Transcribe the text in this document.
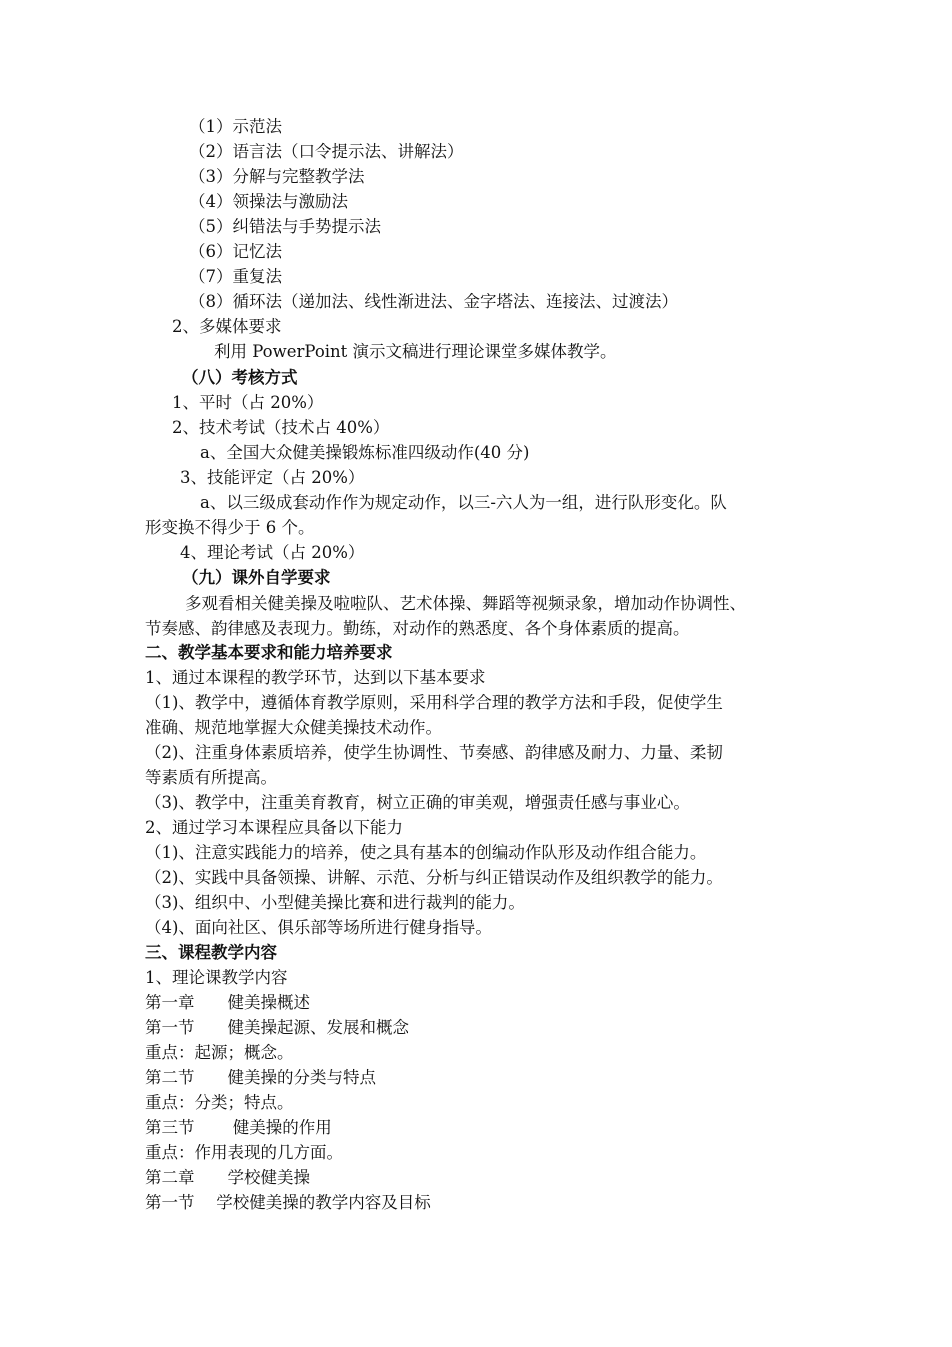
（1）示范法
（2）语言法（口令提示法、讲解法）
（3）分解与完整教学法
（4）领操法与激励法
（5）纠错法与手势提示法
（6）记忆法
（7）重复法
（8）循环法（递加法、线性渐进法、金字塔法、连接法、过渡法）
2、多媒体要求
利用 PowerPoint 演示文稿进行理论课堂多媒体教学。
（八）考核方式
1、平时（占 20%）
2、技术考试（技术占 40%）
a、全国大众健美操锻炼标准四级动作(40 分)
3、技能评定（占 20%）
a、以三级成套动作作为规定动作，以三-六人为一组，进行队形变化。队
形变换不得少于 6 个。
4、理论考试（占 20%）
（九）课外自学要求
多观看相关健美操及啦啦队、艺术体操、舞蹈等视频录象，增加动作协调性、
节奏感、韵律感及表现力。勤练，对动作的熟悉度、各个身体素质的提高。
二、教学基本要求和能力培养要求
1、通过本课程的教学环节，达到以下基本要求
（1)、教学中，遵循体育教学原则，采用科学合理的教学方法和手段，促使学生
准确、规范地掌握大众健美操技术动作。
（2)、注重身体素质培养，使学生协调性、节奏感、韵律感及耐力、力量、柔韧
等素质有所提高。
（3)、教学中，注重美育教育，树立正确的审美观，增强责任感与事业心。
2、通过学习本课程应具备以下能力
（1)、注意实践能力的培养，使之具有基本的创编动作队形及动作组合能力。
（2)、实践中具备领操、讲解、示范、分析与纠正错误动作及组织教学的能力。
（3)、组织中、小型健美操比赛和进行裁判的能力。
（4)、面向社区、俱乐部等场所进行健身指导。
三、课程教学内容
1、理论课教学内容
第一章　　健美操概述
第一节　　健美操起源、发展和概念
重点：起源；概念。
第二节　　健美操的分类与特点
重点：分类；特点。
第三节　　 健美操的作用
重点：作用表现的几方面。
第二章　　学校健美操
第一节　 学校健美操的教学内容及目标
